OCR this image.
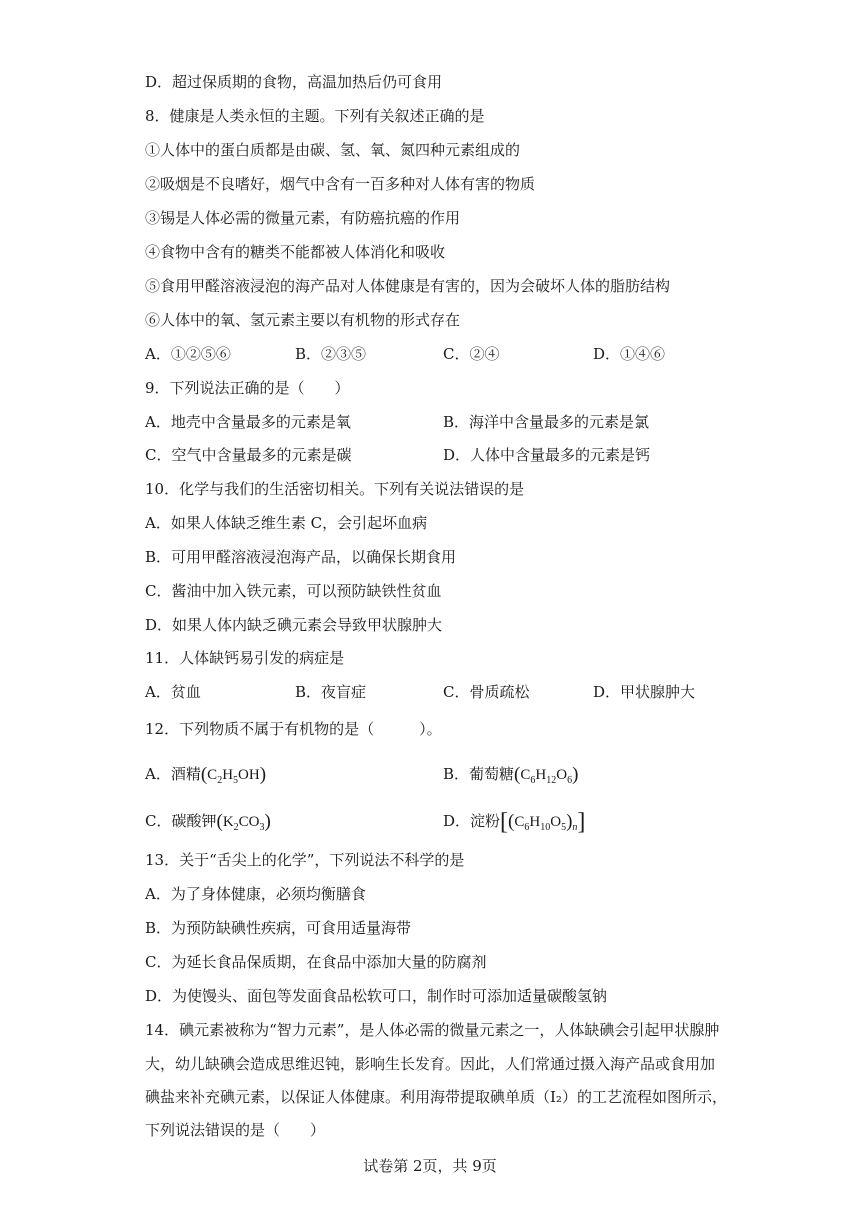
D．超过保质期的食物，高温加热后仍可食用
8．健康是人类永恒的主题。下列有关叙述正确的是
①人体中的蛋白质都是由碳、氢、氧、氮四种元素组成的
②吸烟是不良嗜好，烟气中含有一百多种对人体有害的物质
③锡是人体必需的微量元素，有防癌抗癌的作用
④食物中含有的糖类不能都被人体消化和吸收
⑤食用甲醛溶液浸泡的海产品对人体健康是有害的，因为会破坏人体的脂肪结构
⑥人体中的氧、氢元素主要以有机物的形式存在
A．①②⑤⑥	B．②③⑤	C．②④	D．①④⑥
9．下列说法正确的是（　　）
A．地壳中含量最多的元素是氧	B．海洋中含量最多的元素是氯
C．空气中含量最多的元素是碳	D．人体中含量最多的元素是钙
10．化学与我们的生活密切相关。下列有关说法错误的是
A．如果人体缺乏维生素 C，会引起坏血病
B．可用甲醛溶液浸泡海产品，以确保长期食用
C．酱油中加入铁元素，可以预防缺铁性贫血
D．如果人体内缺乏碘元素会导致甲状腺肿大
11．人体缺钙易引发的病症是
A．贫血	B．夜盲症	C．骨质疏松	D．甲状腺肿大
12．下列物质不属于有机物的是（　　　）。
A．酒精$(C_2H_5OH)$	B．葡萄糖$(C_6H_{12}O_6)$
C．碳酸钾$(K_2CO_3)$	D．淀粉$[(C_6H_{10}O_5)_n]$
13．关于“舌尖上的化学”，下列说法不科学的是
A．为了身体健康，必须均衡膳食
B．为预防缺碘性疾病，可食用适量海带
C．为延长食品保质期，在食品中添加大量的防腐剂
D．为使馒头、面包等发面食品松软可口，制作时可添加适量碳酸氢钠
14．碘元素被称为“智力元素”，是人体必需的微量元素之一，人体缺碘会引起甲状腺肿
大，幼儿缺碘会造成思维迟钝，影响生长发育。因此，人们常通过摄入海产品或食用加
碘盐来补充碘元素，以保证人体健康。利用海带提取碘单质（I₂）的工艺流程如图所示，
下列说法错误的是（　　）
试卷第 2页，共 9页
